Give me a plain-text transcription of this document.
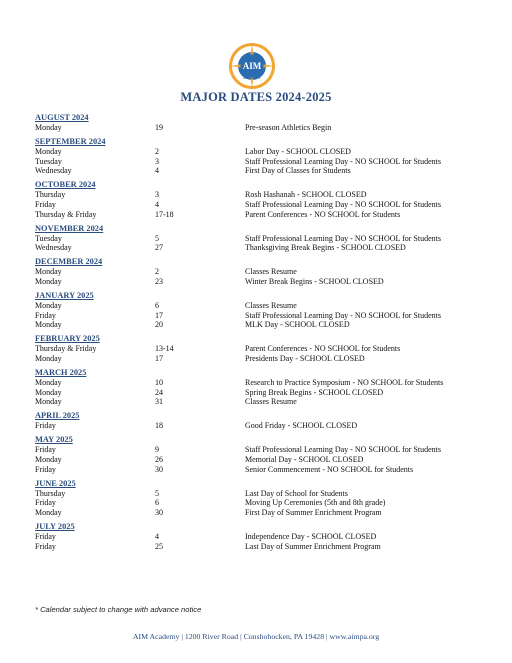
AIM
ACADEMY
MAJOR DATES 2024-2025
AUGUST 2024
Monday	19	Pre-season Athletics Begin
SEPTEMBER 2024
Monday	2	Labor Day - SCHOOL CLOSED
Tuesday	3	Staff Professional Learning Day - NO SCHOOL for Students
Wednesday	4	First Day of Classes for Students
OCTOBER 2024
Thursday	3	Rosh Hashanah - SCHOOL CLOSED
Friday	4	Staff Professional Learning Day - NO SCHOOL for Students
Thursday & Friday	17-18	Parent Conferences - NO SCHOOL for Students
NOVEMBER 2024
Tuesday	5	Staff Professional Learning Day - NO SCHOOL for Students
Wednesday	27	Thanksgiving Break Begins - SCHOOL CLOSED
DECEMBER 2024
Monday	2	Classes Resume
Monday	23	Winter Break Begins - SCHOOL CLOSED
JANUARY 2025
Monday	6	Classes Resume
Friday	17	Staff Professional Learning Day - NO SCHOOL for Students
Monday	20	MLK Day - SCHOOL CLOSED
FEBRUARY 2025
Thursday & Friday	13-14	Parent Conferences - NO SCHOOL for Students
Monday	17	Presidents Day - SCHOOL CLOSED
MARCH 2025
Monday	10	Research to Practice Symposium - NO SCHOOL for Students
Monday	24	Spring Break Begins - SCHOOL CLOSED
Monday	31	Classes Resume
APRIL 2025
Friday	18	Good Friday - SCHOOL CLOSED
MAY 2025
Friday	9	Staff Professional Learning Day - NO SCHOOL for Students
Monday	26	Memorial Day - SCHOOL CLOSED
Friday	30	Senior Commencement - NO SCHOOL for Students
JUNE 2025
Thursday	5	Last Day of School for Students
Friday	6	Moving Up Ceremonies (5th and 8th grade)
Monday	30	First Day of Summer Enrichment Program
JULY 2025
Friday	4	Independence Day - SCHOOL CLOSED
Friday	25	Last Day of Summer Enrichment Program
* Calendar subject to change with advance notice
AIM Academy | 1200 River Road | Conshohocken, PA 19428 | www.aimpa.org
